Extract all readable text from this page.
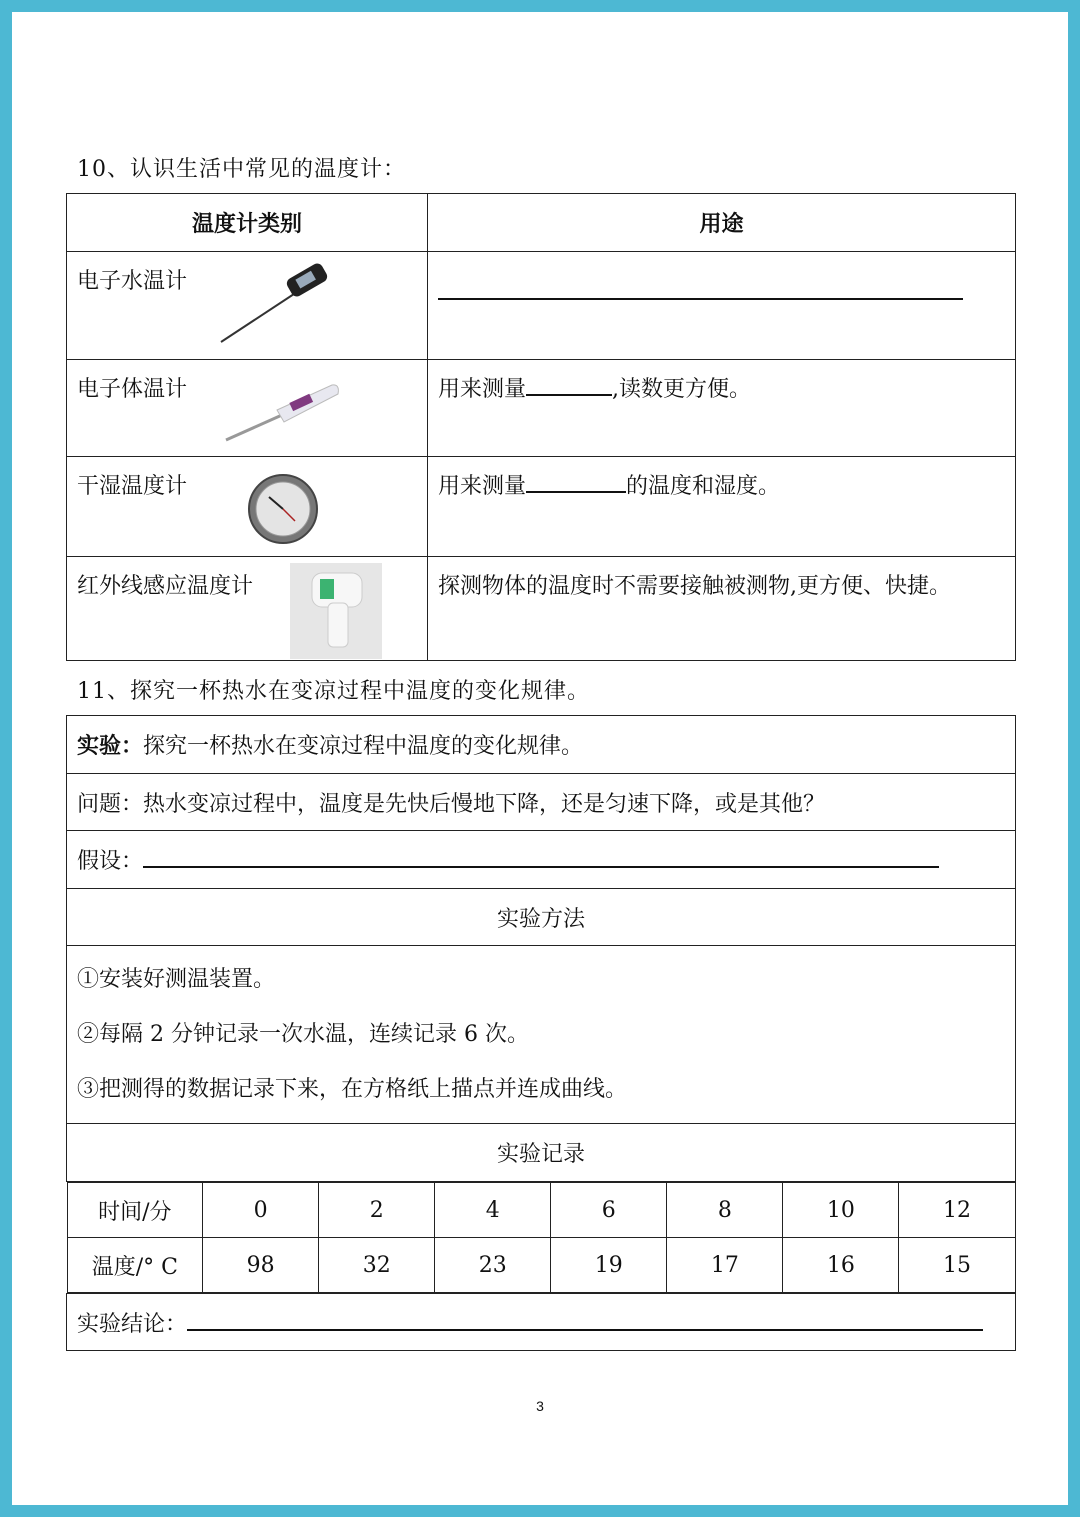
10、认识生活中常见的温度计：
温度计类别	用途
电子水温计

电子体温计	用来测量 ,读数更方便。
干湿温度计	用来测量 的温度和湿度。
红外线感应温度计	探测物体的温度时不需要接触被测物,更方便、快捷。
11、探究一杯热水在变凉过程中温度的变化规律。
实验：探究一杯热水在变凉过程中温度的变化规律。
问题：热水变凉过程中，温度是先快后慢地下降，还是匀速下降，或是其他？
假设：
实验方法

①安装好测温装置。

②每隔 2 分钟记录一次水温，连续记录 6 次。

③把测得的数据记录下来，在方格纸上描点并连成曲线。

实验记录

时间/分	0	2	4	6	8	10	12
温度/° C	98	32	23	19	17	16	15

实验结论：
3
